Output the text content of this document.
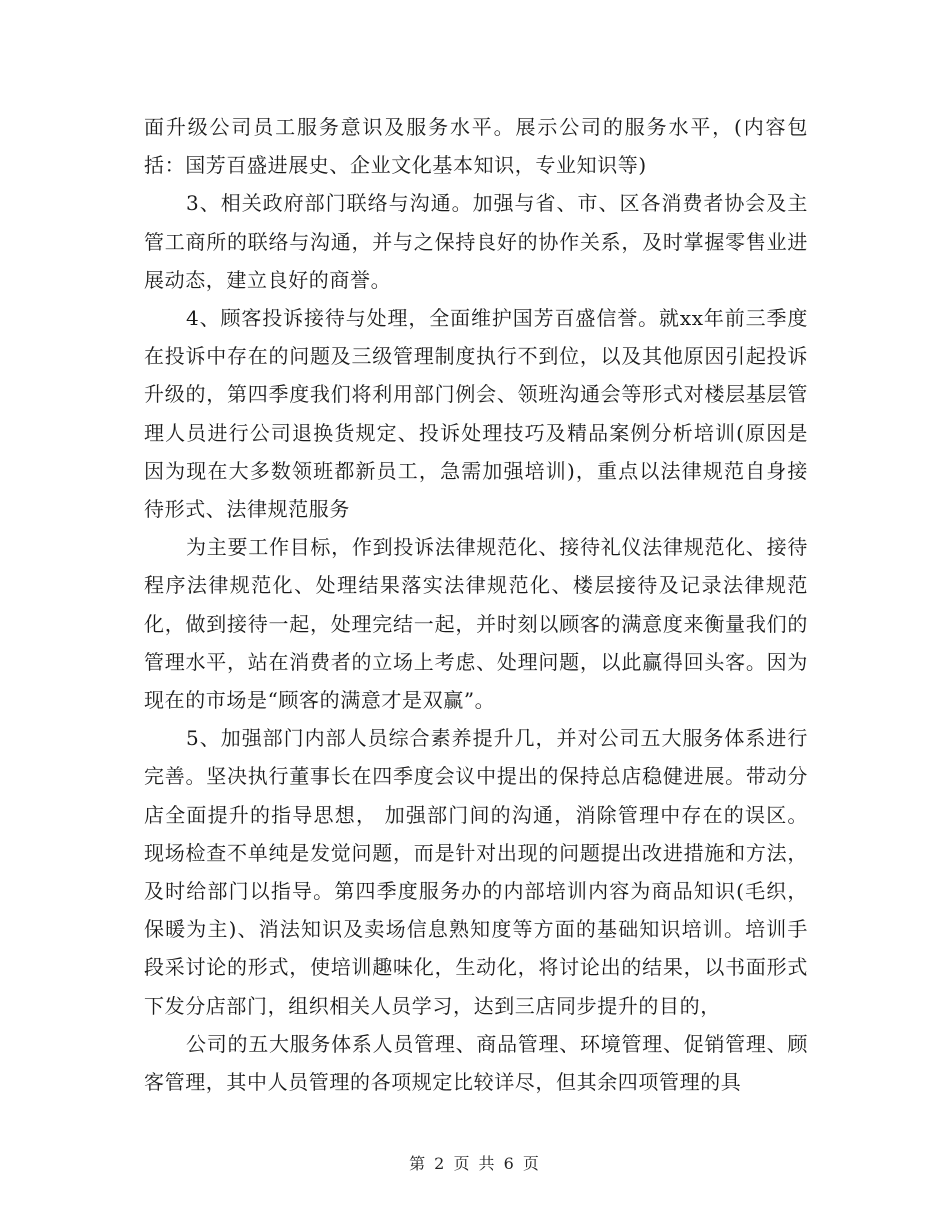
面升级公司员工服务意识及服务水平。展示公司的服务水平，(内容包括：国芳百盛进展史、企业文化基本知识，专业知识等)

3、相关政府部门联络与沟通。加强与省、市、区各消费者协会及主管工商所的联络与沟通，并与之保持良好的协作关系，及时掌握零售业进展动态，建立良好的商誉。

4、顾客投诉接待与处理，全面维护国芳百盛信誉。就xx年前三季度在投诉中存在的问题及三级管理制度执行不到位，以及其他原因引起投诉升级的，第四季度我们将利用部门例会、领班沟通会等形式对楼层基层管理人员进行公司退换货规定、投诉处理技巧及精品案例分析培训(原因是因为现在大多数领班都新员工，急需加强培训)，重点以法律规范自身接待形式、法律规范服务

为主要工作目标，作到投诉法律规范化、接待礼仪法律规范化、接待程序法律规范化、处理结果落实法律规范化、楼层接待及记录法律规范化，做到接待一起，处理完结一起，并时刻以顾客的满意度来衡量我们的管理水平，站在消费者的立场上考虑、处理问题，以此赢得回头客。因为现在的市场是“顾客的满意才是双赢”。

5、加强部门内部人员综合素养提升几，并对公司五大服务体系进行完善。坚决执行董事长在四季度会议中提出的保持总店稳健进展。带动分店全面提升的指导思想， 加强部门间的沟通，消除管理中存在的误区。现场检查不单纯是发觉问题，而是针对出现的问题提出改进措施和方法，及时给部门以指导。第四季度服务办的内部培训内容为商品知识(毛织，保暖为主)、消法知识及卖场信息熟知度等方面的基础知识培训。培训手段采讨论的形式，使培训趣味化，生动化，将讨论出的结果，以书面形式下发分店部门，组织相关人员学习，达到三店同步提升的目的，

公司的五大服务体系人员管理、商品管理、环境管理、促销管理、顾客管理，其中人员管理的各项规定比较详尽，但其余四项管理的具

第 2 页 共 6 页
